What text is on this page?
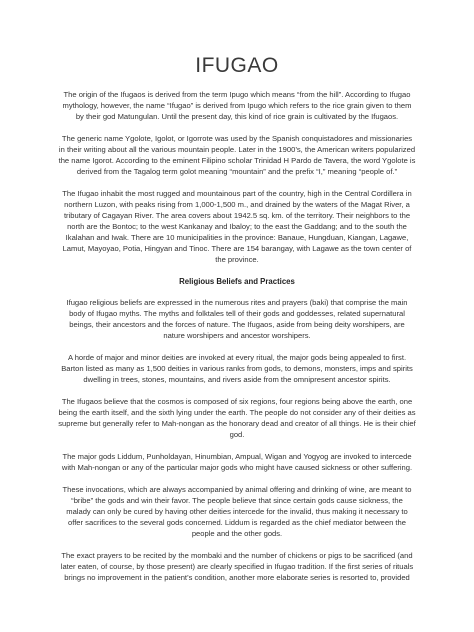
IFUGAO

The origin of the Ifugaos is derived from the term Ipugo which means “from the hill”. According to Ifugao mythology, however, the name “Ifugao” is derived from Ipugo which refers to the rice grain given to them by their god Matungulan. Until the present day, this kind of rice grain is cultivated by the Ifugaos.

The generic name Ygolote, Igolot, or Igorrote was used by the Spanish conquistadores and missionaries in their writing about all the various mountain people. Later in the 1900’s, the American writers popularized the name Igorot. According to the eminent Filipino scholar Trinidad H Pardo de Tavera, the word Ygolote is derived from the Tagalog term golot meaning “mountain” and the prefix “I,” meaning “people of.”

The Ifugao inhabit the most rugged and mountainous part of the country, high in the Central Cordillera in northern Luzon, with peaks rising from 1,000-1,500 m., and drained by the waters of the Magat River, a tributary of Cagayan River. The area covers about 1942.5 sq. km. of the territory. Their neighbors to the north are the Bontoc; to the west Kankanay and Ibaloy; to the east the Gaddang; and to the south the Ikalahan and Iwak. There are 10 municipalities in the province: Banaue, Hungduan, Kiangan, Lagawe, Lamut, Mayoyao, Potia, Hingyan and Tinoc. There are 154 barangay, with Lagawe as the town center of the province.

Religious Beliefs and Practices

Ifugao religious beliefs are expressed in the numerous rites and prayers (baki) that comprise the main body of Ifugao myths. The myths and folktales tell of their gods and goddesses, related supernatural beings, their ancestors and the forces of nature. The Ifugaos, aside from being deity worshipers, are nature worshipers and ancestor worshipers.

A horde of major and minor deities are invoked at every ritual, the major gods being appealed to first. Barton listed as many as 1,500 deities in various ranks from gods, to demons, monsters, imps and spirits dwelling in trees, stones, mountains, and rivers aside from the omnipresent ancestor spirits.

The Ifugaos believe that the cosmos is composed of six regions, four regions being above the earth, one being the earth itself, and the sixth lying under the earth. The people do not consider any of their deities as supreme but generally refer to Mah-nongan as the honorary dead and creator of all things. He is their chief god.

The major gods Liddum, Punholdayan, Hinumbian, Ampual, Wigan and Yogyog are invoked to intercede with Mah-nongan or any of the particular major gods who might have caused sickness or other suffering.

These invocations, which are always accompanied by animal offering and drinking of wine, are meant to “bribe” the gods and win their favor. The people believe that since certain gods cause sickness, the malady can only be cured by having other deities intercede for the invalid, thus making it necessary to offer sacrifices to the several gods concerned. Liddum is regarded as the chief mediator between the people and the other gods.

The exact prayers to be recited by the mombaki and the number of chickens or pigs to be sacrificed (and later eaten, of course, by those present) are clearly specified in Ifugao tradition. If the first series of rituals brings no improvement in the patient’s condition, another more elaborate series is resorted to, provided
